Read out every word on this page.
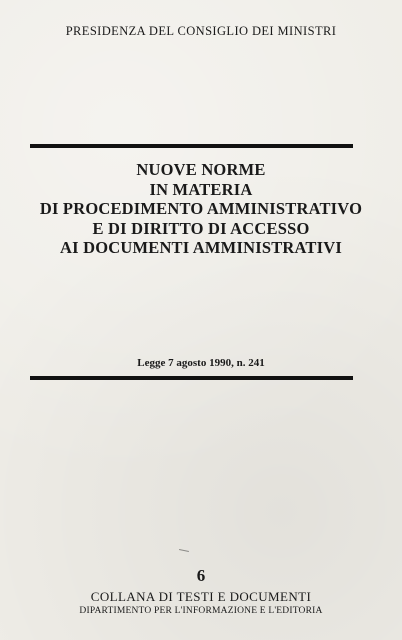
PRESIDENZA DEL CONSIGLIO DEI MINISTRI
NUOVE NORME
IN MATERIA
DI PROCEDIMENTO AMMINISTRATIVO
E DI DIRITTO DI ACCESSO
AI DOCUMENTI AMMINISTRATIVI
Legge 7 agosto 1990, n. 241
6
COLLANA DI TESTI E DOCUMENTI
DIPARTIMENTO PER L'INFORMAZIONE E L'EDITORIA
